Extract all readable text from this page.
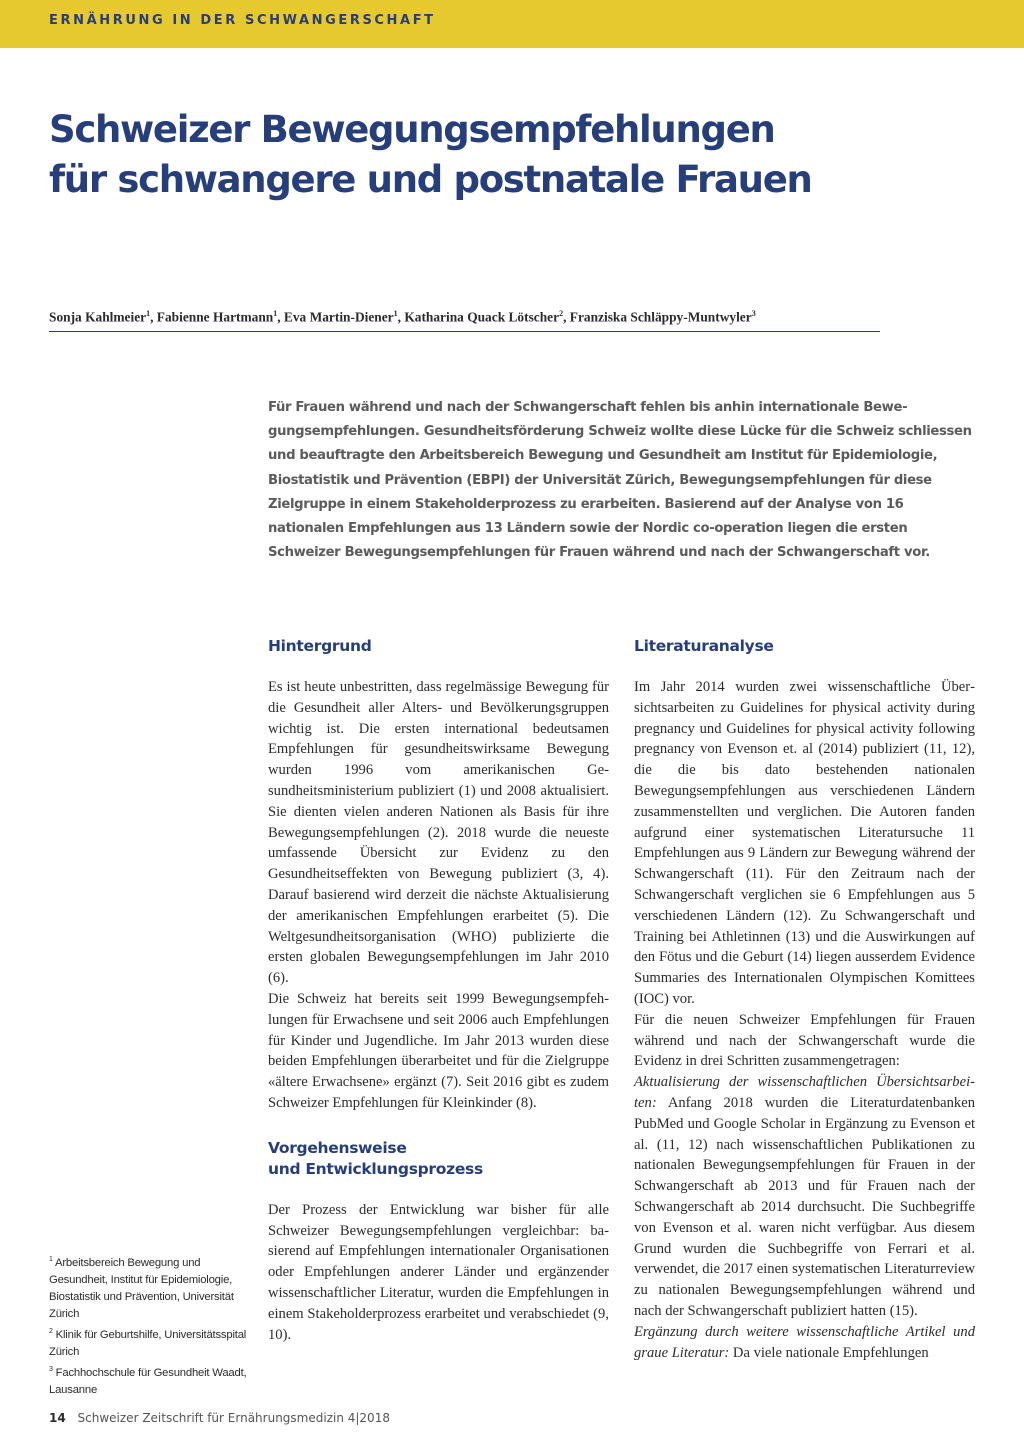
ERNÄHRUNG IN DER SCHWANGERSCHAFT
Schweizer Bewegungsempfehlungen
für schwangere und postnatale Frauen
Sonja Kahlmeier$^1$, Fabienne Hartmann$^1$, Eva Martin-Diener$^1$, Katharina Quack Lötscher$^2$, Franziska Schläppy-Muntwyler$^3$

Für Frauen während und nach der Schwangerschaft fehlen bis anhin internationale Bewegungsempfehlungen. Gesundheitsförderung Schweiz wollte diese Lücke für die Schweiz schliessen und beauftragte den Arbeitsbereich Bewegung und Gesundheit am Institut für Epidemiologie, Biostatistik und Prävention (EBPI) der Universität Zürich, Bewegungsempfehlungen für diese Zielgruppe in einem Stakeholderprozess zu erarbeiten. Basierend auf der Analyse von 16 nationalen Empfehlungen aus 13 Ländern sowie der Nordic co-operation liegen die ersten Schweizer Bewegungsempfehlungen für Frauen während und nach der Schwangerschaft vor.

Hintergrund

Es ist heute unbestritten, dass regelmässige Bewegung für die Gesundheit aller Alters- und Bevölkerungsgruppen wichtig ist. Die ersten international bedeutsamen Empfehlungen für gesundheitswirksame Bewegung wurden 1996 vom amerikanischen Gesundheitsministerium publiziert (1) und 2008 aktualisiert. Sie dienten vielen anderen Nationen als Basis für ihre Bewegungsempfehlungen (2). 2018 wurde die neueste umfassende Übersicht zur Evidenz zu den Gesundheitseffekten von Bewegung publiziert (3, 4). Darauf basierend wird derzeit die nächste Aktualisierung der amerikanischen Empfehlungen erarbeitet (5). Die Weltgesundheitsorganisation (WHO) publizierte die ersten globalen Bewegungsempfehlungen im Jahr 2010 (6).

Die Schweiz hat bereits seit 1999 Bewegungsempfehlungen für Erwachsene und seit 2006 auch Empfehlungen für Kinder und Jugendliche. Im Jahr 2013 wurden diese beiden Empfehlungen überarbeitet und für die Zielgruppe «ältere Erwachsene» ergänzt (7). Seit 2016 gibt es zudem Schweizer Empfehlungen für Kleinkinder (8).

Vorgehensweise
und Entwicklungsprozess

Der Prozess der Entwicklung war bisher für alle Schweizer Bewegungsempfehlungen vergleichbar: basierend auf Empfehlungen internationaler Organisationen oder Empfehlungen anderer Länder und ergänzender wissenschaftlicher Literatur, wurden die Empfehlungen in einem Stakeholderprozess erarbeitet und verabschiedet (9, 10).

Literaturanalyse

Im Jahr 2014 wurden zwei wissenschaftliche Übersichtsarbeiten zu Guidelines for physical activity during pregnancy und Guidelines for physical activity following pregnancy von Evenson et. al (2014) publiziert (11, 12), die die bis dato bestehenden nationalen Bewegungsempfehlungen aus verschiedenen Ländern zusammenstellten und verglichen. Die Autoren fanden aufgrund einer systematischen Literatursuche 11 Empfehlungen aus 9 Ländern zur Bewegung während der Schwangerschaft (11). Für den Zeitraum nach der Schwangerschaft verglichen sie 6 Empfehlungen aus 5 verschiedenen Ländern (12). Zu Schwangerschaft und Training bei Athletinnen (13) und die Auswirkungen auf den Fötus und die Geburt (14) liegen ausserdem Evidence Summaries des Internationalen Olympischen Komittees (IOC) vor.

Für die neuen Schweizer Empfehlungen für Frauen während und nach der Schwangerschaft wurde die Evidenz in drei Schritten zusammengetragen:

Aktualisierung der wissenschaftlichen Übersichtsarbeiten: Anfang 2018 wurden die Literaturdatenbanken PubMed und Google Scholar in Ergänzung zu Evenson et al. (11, 12) nach wissenschaftlichen Publikationen zu nationalen Bewegungsempfehlungen für Frauen in der Schwangerschaft ab 2013 und für Frauen nach der Schwangerschaft ab 2014 durchsucht. Die Suchbegriffe von Evenson et al. waren nicht verfügbar. Aus diesem Grund wurden die Suchbegriffe von Ferrari et al. verwendet, die 2017 einen systematischen Literaturreview zu nationalen Bewegungsempfehlungen während und nach der Schwangerschaft publiziert hatten (15).

Ergänzung durch weitere wissenschaftliche Artikel und graue Literatur: Da viele nationale Empfehlungen

$^1$ Arbeitsbereich Bewegung und Gesundheit, Institut für Epidemiologie, Biostatistik und Prävention, Universität Zürich
$^2$ Klinik für Geburtshilfe, Universitätsspital Zürich
$^3$ Fachhochschule für Gesundheit Waadt, Lausanne
14 Schweizer Zeitschrift für Ernährungsmedizin 4|2018
